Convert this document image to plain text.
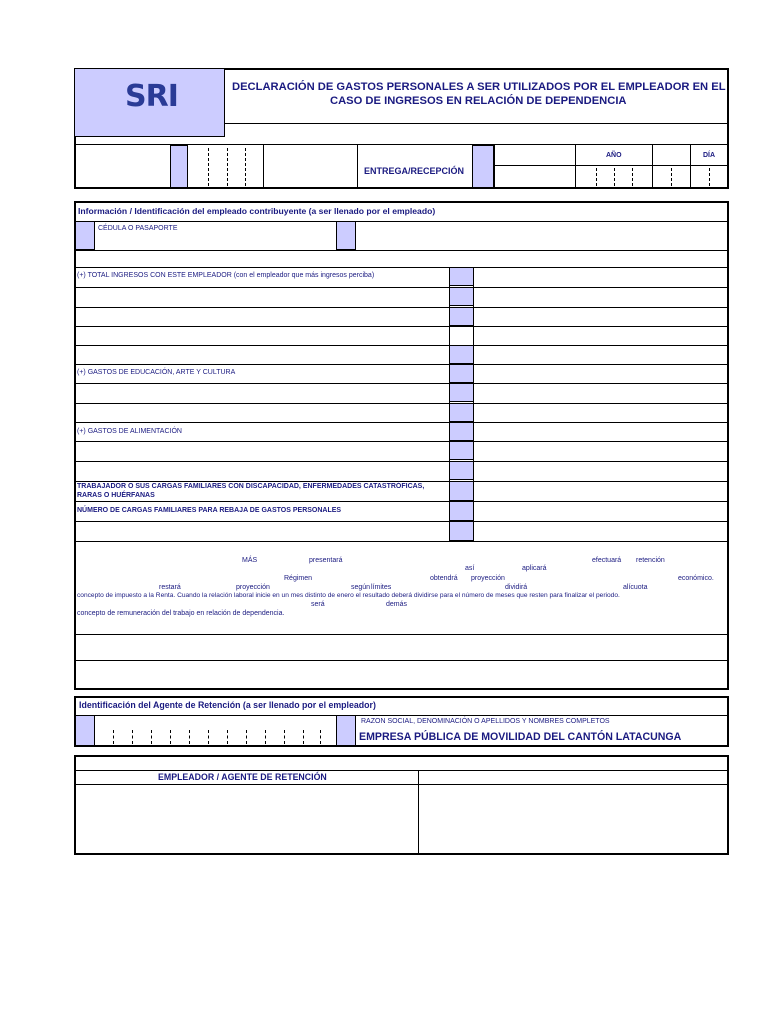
SRI	DECLARACIÓN DE GASTOS PERSONALES A SER UTILIZADOS POR EL EMPLEADOR EN EL
CASO DE INGRESOS EN RELACIÓN DE DEPENDENCIA
ENTREGA/RECEPCIÓN
AÑO	DÍA
Información / Identificación del empleado contribuyente (a ser llenado por el empleado)
CÉDULA O PASAPORTE
(+) TOTAL INGRESOS CON ESTE EMPLEADOR (con el empleador que más ingresos perciba)
(+) GASTOS DE EDUCACIÓN, ARTE Y CULTURA
(+) GASTOS DE ALIMENTACIÓN
TRABAJADOR O SUS CARGAS FAMILIARES CON DISCAPACIDAD, ENFERMEDADES CATASTRÓFICAS,
RARAS O HUÉRFANAS
NÚMERO DE CARGAS FAMILIARES PARA REBAJA DE GASTOS PERSONALES
MÁS	presentará	efectuará retención
así	aplicará
Régimen	obtendrá proyección	económico.
restará	proyección	según límites	dividirá	alícuota
concepto de impuesto a la Renta. Cuando la relación laboral inicie en un mes distinto de enero el resultado deberá dividirse para el número de meses que resten para finalizar el periodo.
será	demás
concepto de remuneración del trabajo en relación de dependencia.
Identificación del Agente de Retención (a ser llenado por el empleador)
RAZON SOCIAL, DENOMINACIÓN O APELLIDOS Y NOMBRES COMPLETOS
EMPRESA PÚBLICA DE MOVILIDAD DEL CANTÓN LATACUNGA
EMPLEADOR / AGENTE DE RETENCIÓN
